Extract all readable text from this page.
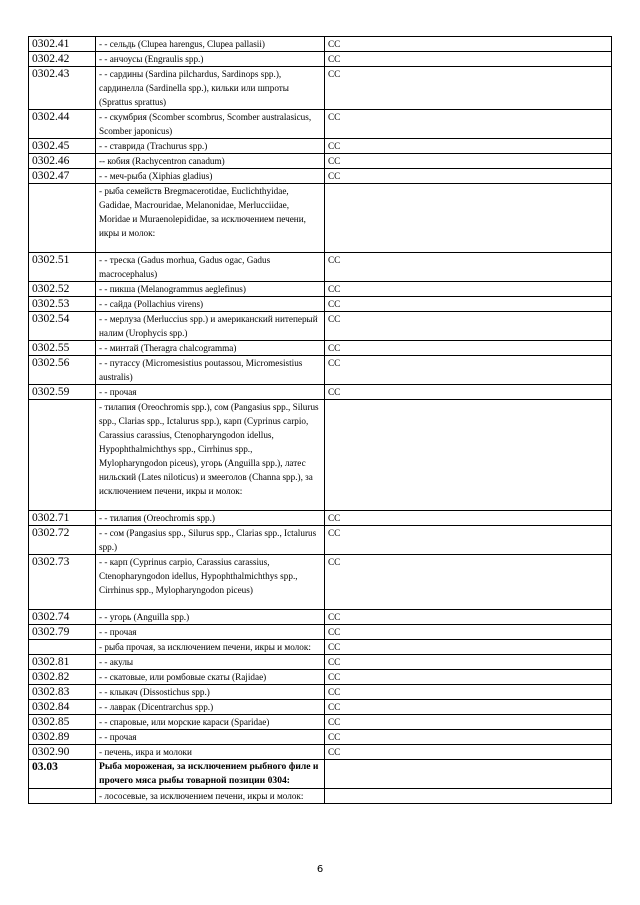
0302.41	- - сельдь (Clupea harengus, Clupea pallasii)	CC
0302.42	- - анчоусы (Engraulis spp.)	CC
0302.43	- - сардины (Sardina pilchardus, Sardinops spp.), сардинелла (Sardinella spp.), кильки или шпроты (Sprattus sprattus)	CC
0302.44	- - скумбрия (Scomber scombrus, Scomber australasicus, Scomber japonicus)	CC
0302.45	- - ставрида (Trachurus spp.)	CC
0302.46	-- кобия (Rachycentron canadum)	CC
0302.47	- - меч-рыба (Xiphias gladius)	CC
	- рыба семейств Bregmacerotidae, Euclichthyidae, Gadidae, Macrouridae, Melanonidae, Merlucciidae, Moridae и Muraenolepididae, за исключением печени, икры и молок:	
0302.51	- - треска (Gadus morhua, Gadus ogac, Gadus macrocephalus)	CC
0302.52	- - пикша (Melanogrammus aeglefinus)	CC
0302.53	- - сайда (Pollachius virens)	CC
0302.54	- - мерлуза (Merluccius spp.) и американский нитеперый налим (Urophycis spp.)	CC
0302.55	- - минтай (Theragra chalcogramma)	CC
0302.56	- - путассу (Micromesistius poutassou, Micromesistius australis)	CC
0302.59	- - прочая	CC
	- тилапия (Oreochromis spp.), сом (Pangasius spp., Silurus spp., Clarias spp., Ictalurus spp.), карп (Cyprinus carpio, Carassius carassius, Ctenopharyngodon idellus, Hypophthalmichthys spp., Cirrhinus spp., Mylopharyngodon piceus), угорь (Anguilla spp.), латес нильский (Lates niloticus) и змееголов (Channa spp.), за исключением печени, икры и молок:	
0302.71	- - тилапия (Oreochromis spp.)	CC
0302.72	- - сом (Pangasius spp., Silurus spp., Clarias spp., Ictalurus spp.)	CC
0302.73	- - карп (Cyprinus carpio, Carassius carassius, Ctenopharyngodon idellus, Hypophthalmichthys spp., Cirrhinus spp., Mylopharyngodon piceus)	CC
0302.74	- - угорь (Anguilla spp.)	CC
0302.79	- - прочая	CC
	- рыба прочая, за исключением печени, икры и молок:	CC
0302.81	- - акулы	CC
0302.82	- - скатовые, или ромбовые скаты (Rajidae)	CC
0302.83	- - клыкач (Dissostichus spp.)	CC
0302.84	- - лаврак (Dicentrarchus spp.)	CC
0302.85	- - спаровые, или морские караси (Sparidae)	CC
0302.89	- - прочая	CC
0302.90	- печень, икра и молоки	CC
03.03	Рыба мороженая, за исключением рыбного филе и прочего мяса рыбы товарной позиции 0304:	
	- лососевые, за исключением печени, икры и молок:	
6
